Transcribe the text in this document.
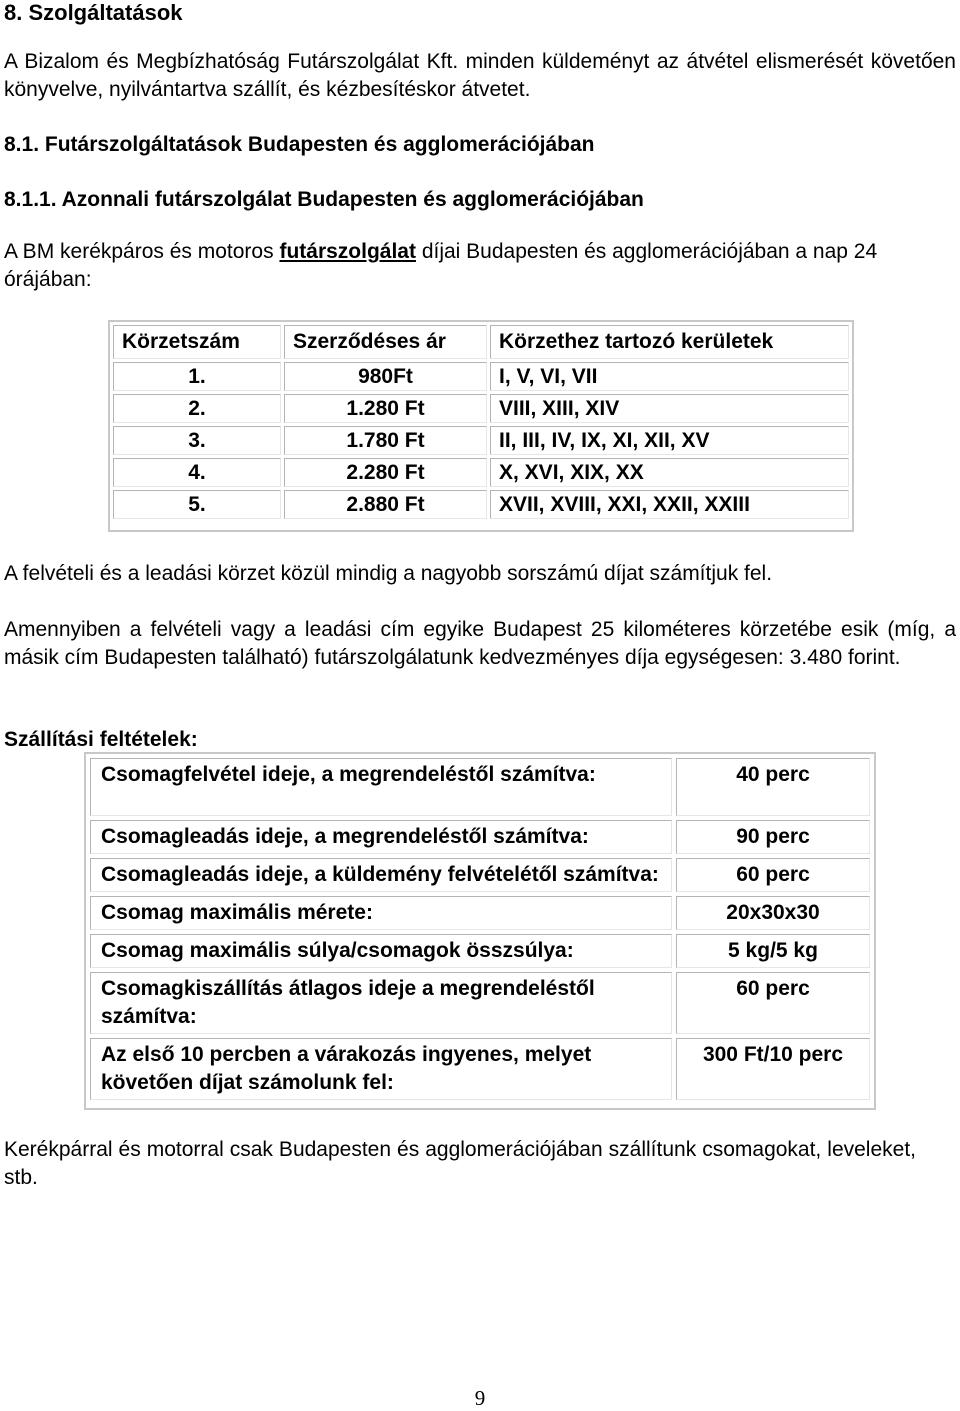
8. Szolgáltatások
A Bizalom és Megbízhatóság Futárszolgálat Kft. minden küldeményt az átvétel elismerését követően könyvelve, nyilvántartva szállít, és kézbesítéskor átvetet.
8.1. Futárszolgáltatások Budapesten és agglomerációjában
8.1.1. Azonnali futárszolgálat Budapesten és agglomerációjában
A BM kerékpáros és motoros futárszolgálat díjai Budapesten és agglomerációjában a nap 24 órájában:
Körzetszám	Szerződéses ár	Körzethez tartozó kerületek
1.	980Ft	I, V, VI, VII
2.	1.280 Ft	VIII, XIII, XIV
3.	1.780 Ft	II, III, IV, IX, XI, XII, XV
4.	2.280 Ft	X, XVI, XIX, XX
5.	2.880 Ft	XVII, XVIII, XXI, XXII, XXIII
A felvételi és a leadási körzet közül mindig a nagyobb sorszámú díjat számítjuk fel.
Amennyiben a felvételi vagy a leadási cím egyike Budapest 25 kilométeres körzetébe esik (míg, a másik cím Budapesten található) futárszolgálatunk kedvezményes díja egységesen: 3.480 forint.
Szállítási feltételek:
Csomagfelvétel ideje, a megrendeléstől számítva:	40 perc
Csomagleadás ideje, a megrendeléstől számítva:	90 perc
Csomagleadás ideje, a küldemény felvételétől számítva:	60 perc
Csomag maximális mérete:	20x30x30
Csomag maximális súlya/csomagok összsúlya:	5 kg/5 kg
Csomagkiszállítás átlagos ideje a megrendeléstől számítva:	60 perc
Az első 10 percben a várakozás ingyenes, melyet követően díjat számolunk fel:	300 Ft/10 perc
Kerékpárral és motorral csak Budapesten és agglomerációjában szállítunk csomagokat, leveleket, stb.
9
